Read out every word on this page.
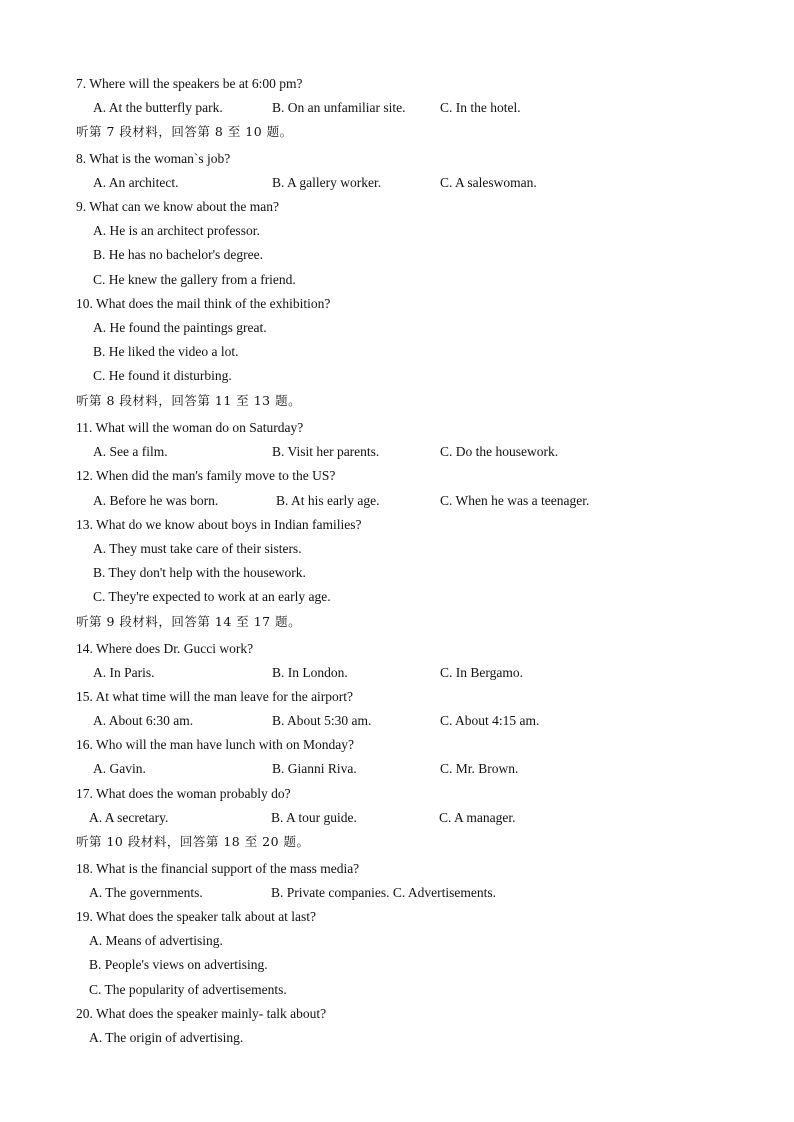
7. Where will the speakers be at 6:00 pm?
A. At the butterfly park.	B. On an unfamiliar site.	C. In the hotel.
听第 7 段材料，回答第 8 至 10 题。
8. What is the woman`s job?
A. An architect.	B. A gallery worker.	C. A saleswoman.
9. What can we know about the man?
A. He is an architect professor.
B. He has no bachelor's degree.
C. He knew the gallery from a friend.
10. What does the mail think of the exhibition?
A. He found the paintings great.
B. He liked the video a lot.
C. He found it disturbing.
听第 8 段材料，回答第 11 至 13 题。
11. What will the woman do on Saturday?
A. See a film.	B. Visit her parents.	C. Do the housework.
12. When did the man's family move to the US?
A. Before he was born.	B. At his early age.	C. When he was a teenager.
13. What do we know about boys in Indian families?
A. They must take care of their sisters.
B. They don't help with the housework.
C. They're expected to work at an early age.
听第 9 段材料，回答第 14 至 17 题。
14. Where does Dr. Gucci work?
A. In Paris.	B. In London.	C. In Bergamo.
15. At what time will the man leave for the airport?
A. About 6:30 am.	B. About 5:30 am.	C. About 4:15 am.
16. Who will the man have lunch with on Monday?
A. Gavin.	B. Gianni Riva.	C. Mr. Brown.
17. What does the woman probably do?
A. A secretary.	B. A tour guide.	C. A manager.
听第 10 段材料，回答第 18 至 20 题。
18. What is the financial support of the mass media?
A. The governments.	B. Private companies. C. Advertisements.
19. What does the speaker talk about at last?
A. Means of advertising.
B. People's views on advertising.
C. The popularity of advertisements.
20. What does the speaker mainly- talk about?
A. The origin of advertising.
